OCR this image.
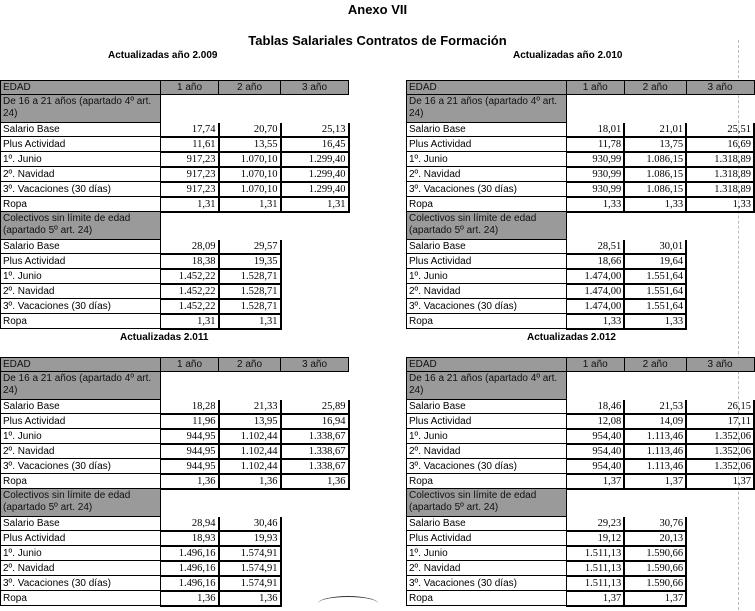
Anexo VII
Tablas Salariales Contratos de Formación
Actualizadas año 2.009
EDAD	1 año	2 año	3 año
De 16 a 21 años (apartado 4º art. 24)			
Salario Base	17,74	20,70	25,13
Plus Actividad	11,61	13,55	16,45
1º. Junio	917,23	1.070,10	1.299,40
2º. Navidad	917,23	1.070,10	1.299,40
3º. Vacaciones (30 días)	917,23	1.070,10	1.299,40
Ropa	1,31	1,31	1,31
Colectivos sin límite de edad (apartado 5º art. 24)			
Salario Base	28,09	29,57	
Plus Actividad	18,38	19,35	
1º. Junio	1.452,22	1.528,71	
2º. Navidad	1.452,22	1.528,71	
3º. Vacaciones (30 días)	1.452,22	1.528,71	
Ropa	1,31	1,31	
Actualizadas año 2.010
EDAD	1 año	2 año	3 año
De 16 a 21 años (apartado 4º art. 24)			
Salario Base	18,01	21,01	25,51
Plus Actividad	11,78	13,75	16,69
1º. Junio	930,99	1.086,15	1.318,89
2º. Navidad	930,99	1.086,15	1.318,89
3º. Vacaciones (30 días)	930,99	1.086,15	1.318,89
Ropa	1,33	1,33	1,33
Colectivos sin límite de edad (apartado 5º art. 24)			
Salario Base	28,51	30,01	
Plus Actividad	18,66	19,64	
1º. Junio	1.474,00	1.551,64	
2º. Navidad	1.474,00	1.551,64	
3º. Vacaciones (30 días)	1.474,00	1.551,64	
Ropa	1,33	1,33	
Actualizadas 2.011
EDAD	1 año	2 año	3 año
De 16 a 21 años (apartado 4º art. 24)			
Salario Base	18,28	21,33	25,89
Plus Actividad	11,96	13,95	16,94
1º. Junio	944,95	1.102,44	1.338,67
2º. Navidad	944,95	1.102,44	1.338,67
3º. Vacaciones (30 días)	944,95	1.102,44	1.338,67
Ropa	1,36	1,36	1,36
Colectivos sin límite de edad (apartado 5º art. 24)			
Salario Base	28,94	30,46	
Plus Actividad	18,93	19,93	
1º. Junio	1.496,16	1.574,91	
2º. Navidad	1.496,16	1.574,91	
3º. Vacaciones (30 días)	1.496,16	1.574,91	
Ropa	1,36	1,36	
Actualizadas 2.012
EDAD	1 año	2 año	3 año
De 16 a 21 años (apartado 4º art. 24)			
Salario Base	18,46	21,53	26,15
Plus Actividad	12,08	14,09	17,11
1º. Junio	954,40	1.113,46	1.352,06
2º. Navidad	954,40	1.113,46	1.352,06
3º. Vacaciones (30 días)	954,40	1.113,46	1.352,06
Ropa	1,37	1,37	1,37
Colectivos sin límite de edad (apartado 5º art. 24)			
Salario Base	29,23	30,76	
Plus Actividad	19,12	20,13	
1º. Junio	1.511,13	1.590,66	
2º. Navidad	1.511,13	1.590,66	
3º. Vacaciones (30 días)	1.511,13	1.590,66	
Ropa	1,37	1,37	
